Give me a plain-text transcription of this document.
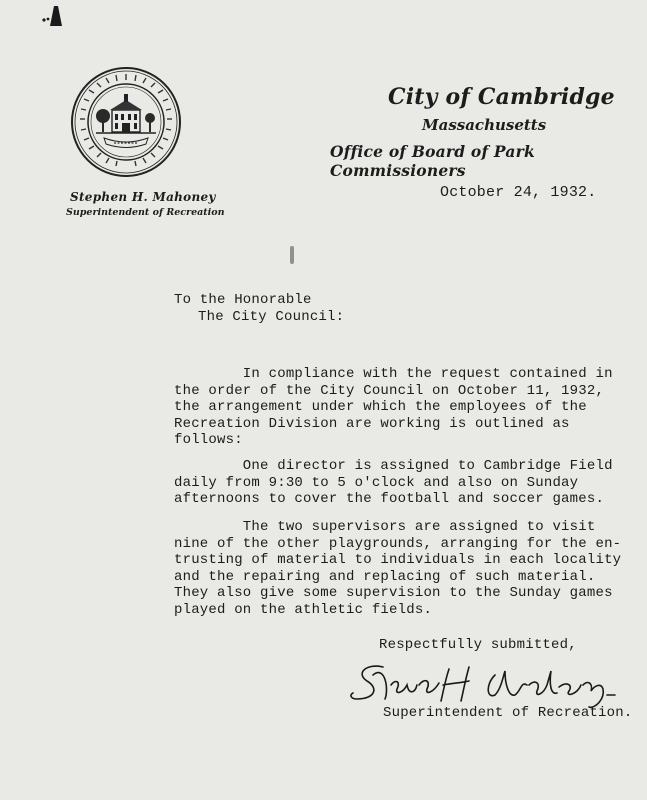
Stephen H. Mahoney
Superintendent of Recreation
City of Cambridge
Massachusetts
Office of Board of Park Commissioners
October 24, 1932.
To the Honorable
The City Council:
In compliance with the request contained in
the order of the City Council on October 11, 1932,
the arrangement under which the employees of the
Recreation Division are working is outlined as
follows:
One director is assigned to Cambridge Field
daily from 9:30 to 5 o'clock and also on Sunday
afternoons to cover the football and soccer games.
The two supervisors are assigned to visit
nine of the other playgrounds, arranging for the en-
trusting of material to individuals in each locality
and the repairing and replacing of such material.
They also give some supervision to the Sunday games
played on the athletic fields.
Respectfully submitted,
Superintendent of Recreation.
